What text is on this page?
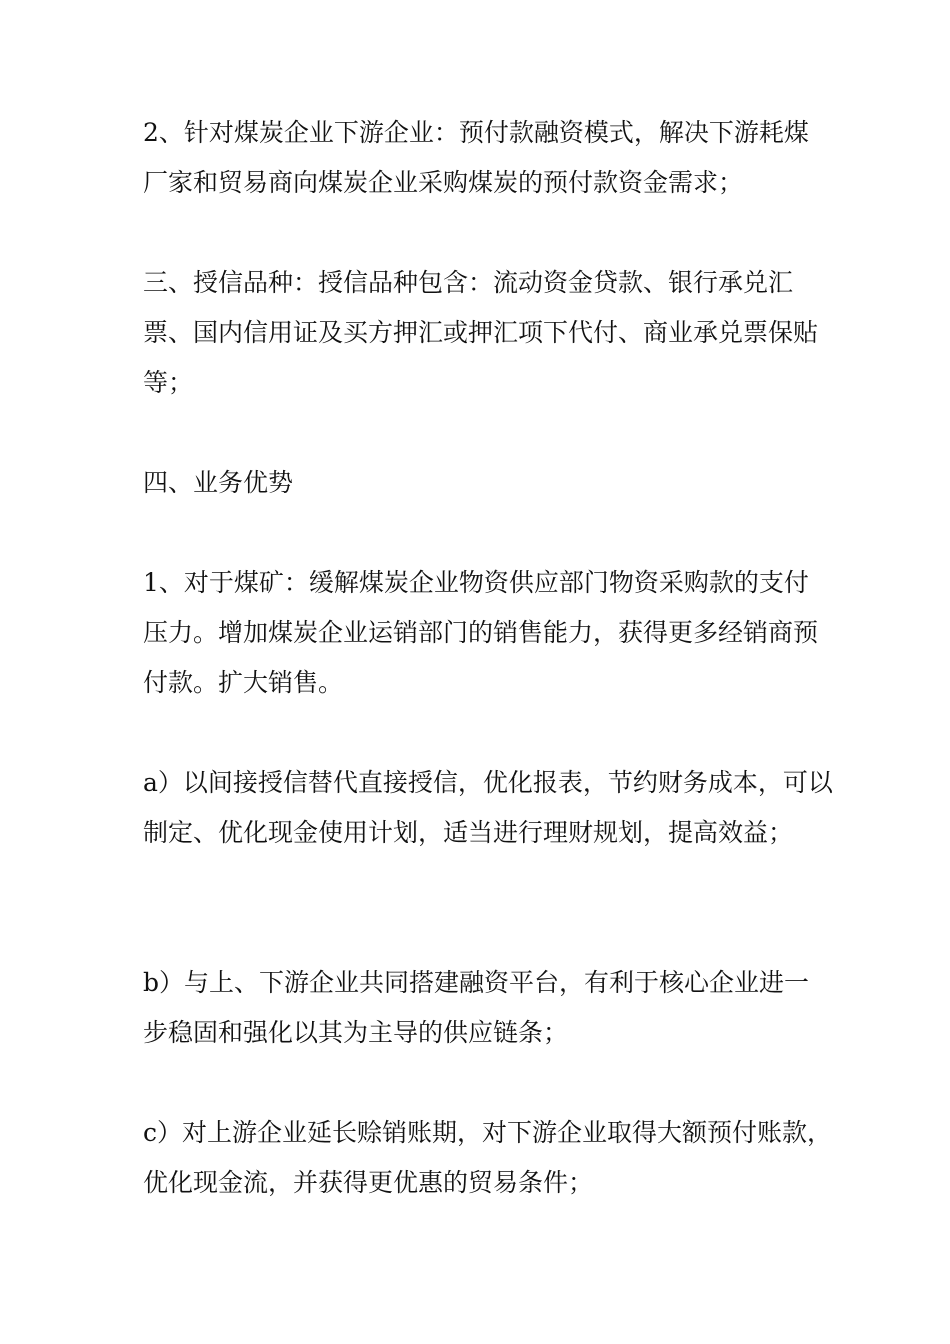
2、针对煤炭企业下游企业：预付款融资模式，解决下游耗煤厂家和贸易商向煤炭企业采购煤炭的预付款资金需求；

三、授信品种：授信品种包含：流动资金贷款、银行承兑汇票、国内信用证及买方押汇或押汇项下代付、商业承兑票保贴等；

四、业务优势

1、对于煤矿：缓解煤炭企业物资供应部门物资采购款的支付压力。增加煤炭企业运销部门的销售能力，获得更多经销商预付款。扩大销售。

a）以间接授信替代直接授信，优化报表，节约财务成本，可以制定、优化现金使用计划，适当进行理财规划，提高效益；

b）与上、下游企业共同搭建融资平台，有利于核心企业进一步稳固和强化以其为主导的供应链条；

c）对上游企业延长赊销账期，对下游企业取得大额预付账款，优化现金流，并获得更优惠的贸易条件；
